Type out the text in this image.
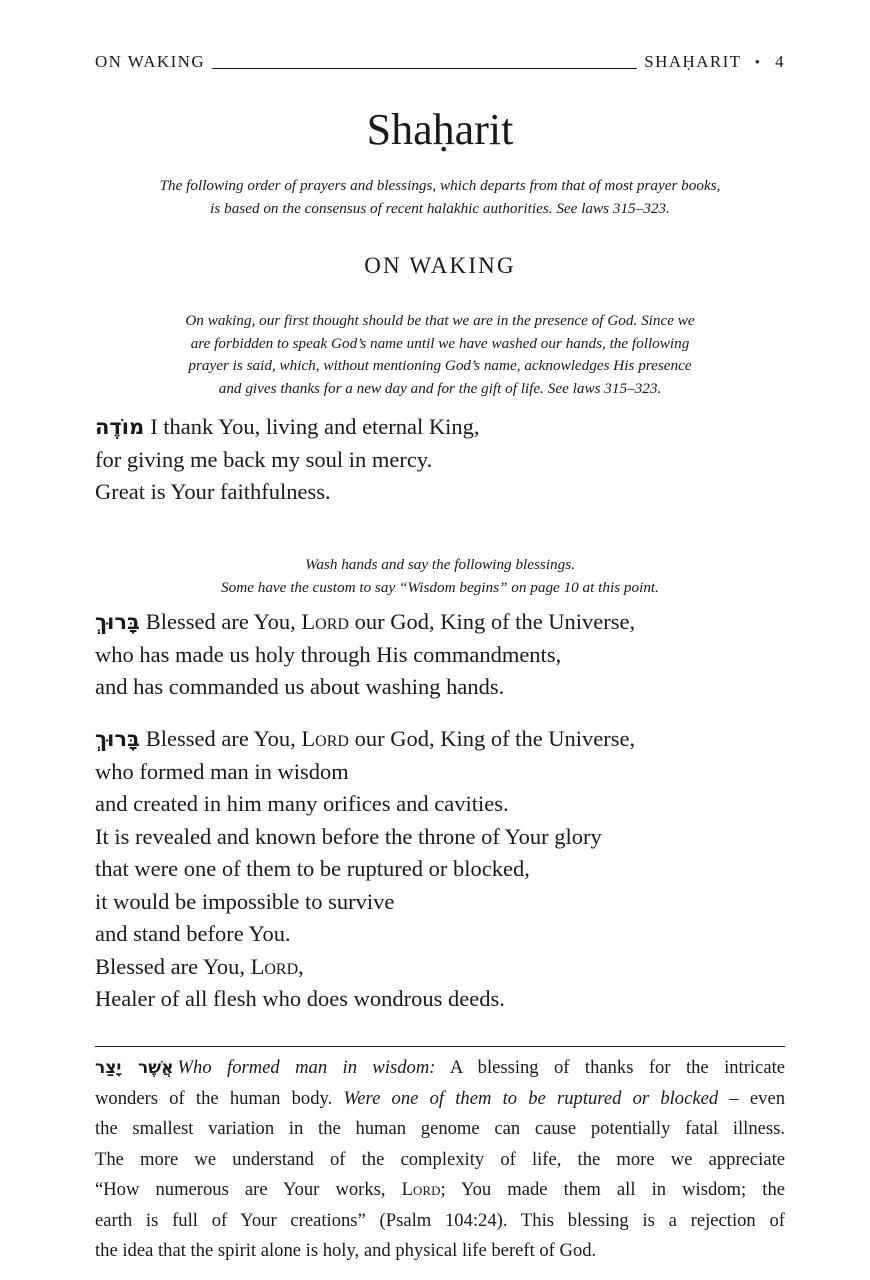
ON WAKING	SHAḤARIT • 4
Shaḥarit
The following order of prayers and blessings, which departs from that of most prayer books,
is based on the consensus of recent halakhic authorities. See laws 315–323.
ON WAKING
On waking, our first thought should be that we are in the presence of God. Since we
are forbidden to speak God’s name until we have washed our hands, the following
prayer is said, which, without mentioning God’s name, acknowledges His presence
and gives thanks for a new day and for the gift of life. See laws 315–323.
מוֹדֶה I thank You, living and eternal King,
for giving me back my soul in mercy.
Great is Your faithfulness.
Wash hands and say the following blessings.
Some have the custom to say “Wisdom begins” on page 10 at this point.
בָּרוּךְ Blessed are You, Lord our God, King of the Universe,
who has made us holy through His commandments,
and has commanded us about washing hands.
בָּרוּךְ Blessed are You, Lord our God, King of the Universe,
who formed man in wisdom
and created in him many orifices and cavities.
It is revealed and known before the throne of Your glory
that were one of them to be ruptured or blocked,
it would be impossible to survive
and stand before You.
Blessed are You, Lord,
Healer of all flesh who does wondrous deeds.
אֲשֶׁר יָצַר Who formed man in wisdom: A blessing of thanks for the intricate
wonders of the human body. Were one of them to be ruptured or blocked – even
the smallest variation in the human genome can cause potentially fatal illness.
The more we understand of the complexity of life, the more we appreciate
“How numerous are Your works, Lord; You made them all in wisdom; the
earth is full of Your creations” (Psalm 104:24). This blessing is a rejection of
the idea that the spirit alone is holy, and physical life bereft of God.
